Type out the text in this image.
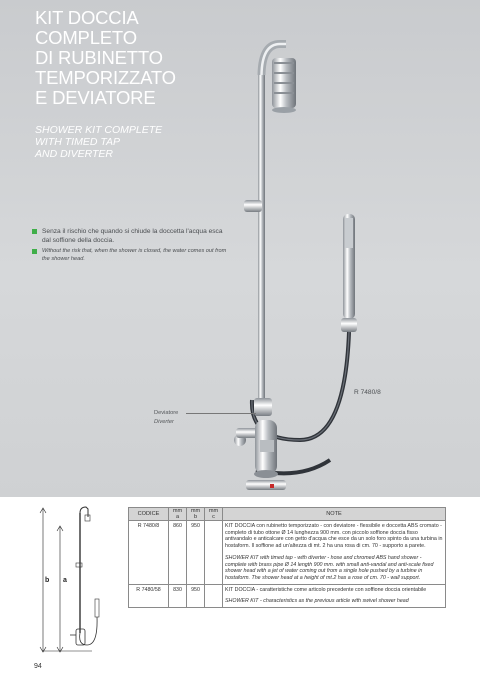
KIT DOCCIA
COMPLETO
DI RUBINETTO
TEMPORIZZATO
E DEVIATORE
SHOWER KIT COMPLETE
WITH TIMED TAP
AND DIVERTER
Senza il rischio che quando si chiude la doccetta l'acqua esca dal soffione della doccia.
Without the risk that, when the shower is closed, the water comes out from the shower head.
Deviatore
Diverter
R 7480/8
b a
CODICE	mm a	mm b	mm c	NOTE
R 7480/8	860	950		KIT DOCCIA con rubinetto temporizzato - con deviatore - flessibile e doccetta ABS cromato - completo di tubo ottone Ø 14 lunghezza 900 mm. con piccolo soffione doccia fisso antivandalo e anticalcare con getto d'acqua che esce da un solo foro spinto da una turbina in hostaform. Il soffione ad un'altezza di mt. 2 ha una rosa di cm. 70 - supporto a parete.
SHOWER KIT with timed tap - with diverter - hose and chromed ABS hand shower - complete with brass pipe Ø 14 length 900 mm. with small anti-vandal and anti-scale fixed shower head with a jet of water coming out from a single hole pushed by a turbine in hostaform. The shower head at a height of mt.2 has a rose of cm. 70 - wall support.

R 7480/58	830	950		KIT DOCCIA - caratteristiche come articolo precedente con soffione doccia orientabile
SHOWER KIT - characteristics as the previous article with swivel shower head
94
